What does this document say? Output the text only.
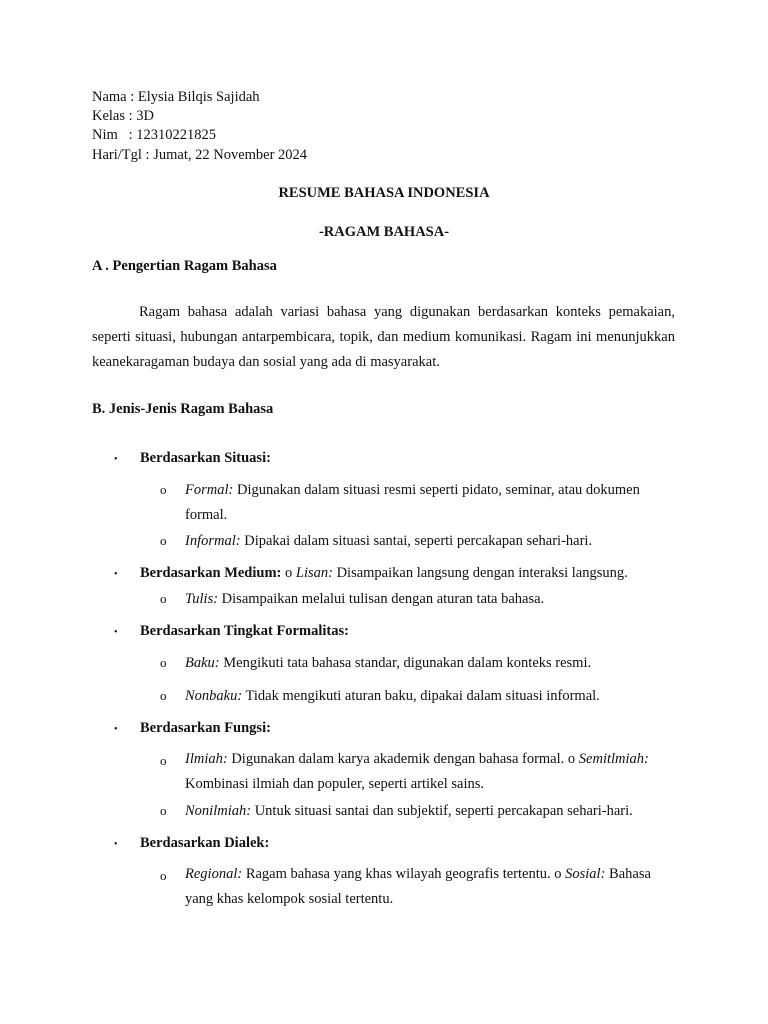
Nama : Elysia Bilqis Sajidah
Kelas : 3D
Nim   : 12310221825
Hari/Tgl : Jumat, 22 November 2024
RESUME BAHASA INDONESIA
-RAGAM BAHASA-
A . Pengertian Ragam Bahasa
Ragam bahasa adalah variasi bahasa yang digunakan berdasarkan konteks pemakaian, seperti situasi, hubungan antarpembicara, topik, dan medium komunikasi. Ragam ini menunjukkan keanekaragaman budaya dan sosial yang ada di masyarakat.
B. Jenis-Jenis Ragam Bahasa
• Berdasarkan Situasi:
o Formal: Digunakan dalam situasi resmi seperti pidato, seminar, atau dokumen formal.
o Informal: Dipakai dalam situasi santai, seperti percakapan sehari-hari.
• Berdasarkan Medium: o Lisan: Disampaikan langsung dengan interaksi langsung.
o Tulis: Disampaikan melalui tulisan dengan aturan tata bahasa.
• Berdasarkan Tingkat Formalitas:
o Baku: Mengikuti tata bahasa standar, digunakan dalam konteks resmi.
o Nonbaku: Tidak mengikuti aturan baku, dipakai dalam situasi informal.
• Berdasarkan Fungsi:
o Ilmiah: Digunakan dalam karya akademik dengan bahasa formal. o Semitlmiah: Kombinasi ilmiah dan populer, seperti artikel sains.
o Nonilmiah: Untuk situasi santai dan subjektif, seperti percakapan sehari-hari.
• Berdasarkan Dialek:
o Regional: Ragam bahasa yang khas wilayah geografis tertentu. o Sosial: Bahasa yang khas kelompok sosial tertentu.
